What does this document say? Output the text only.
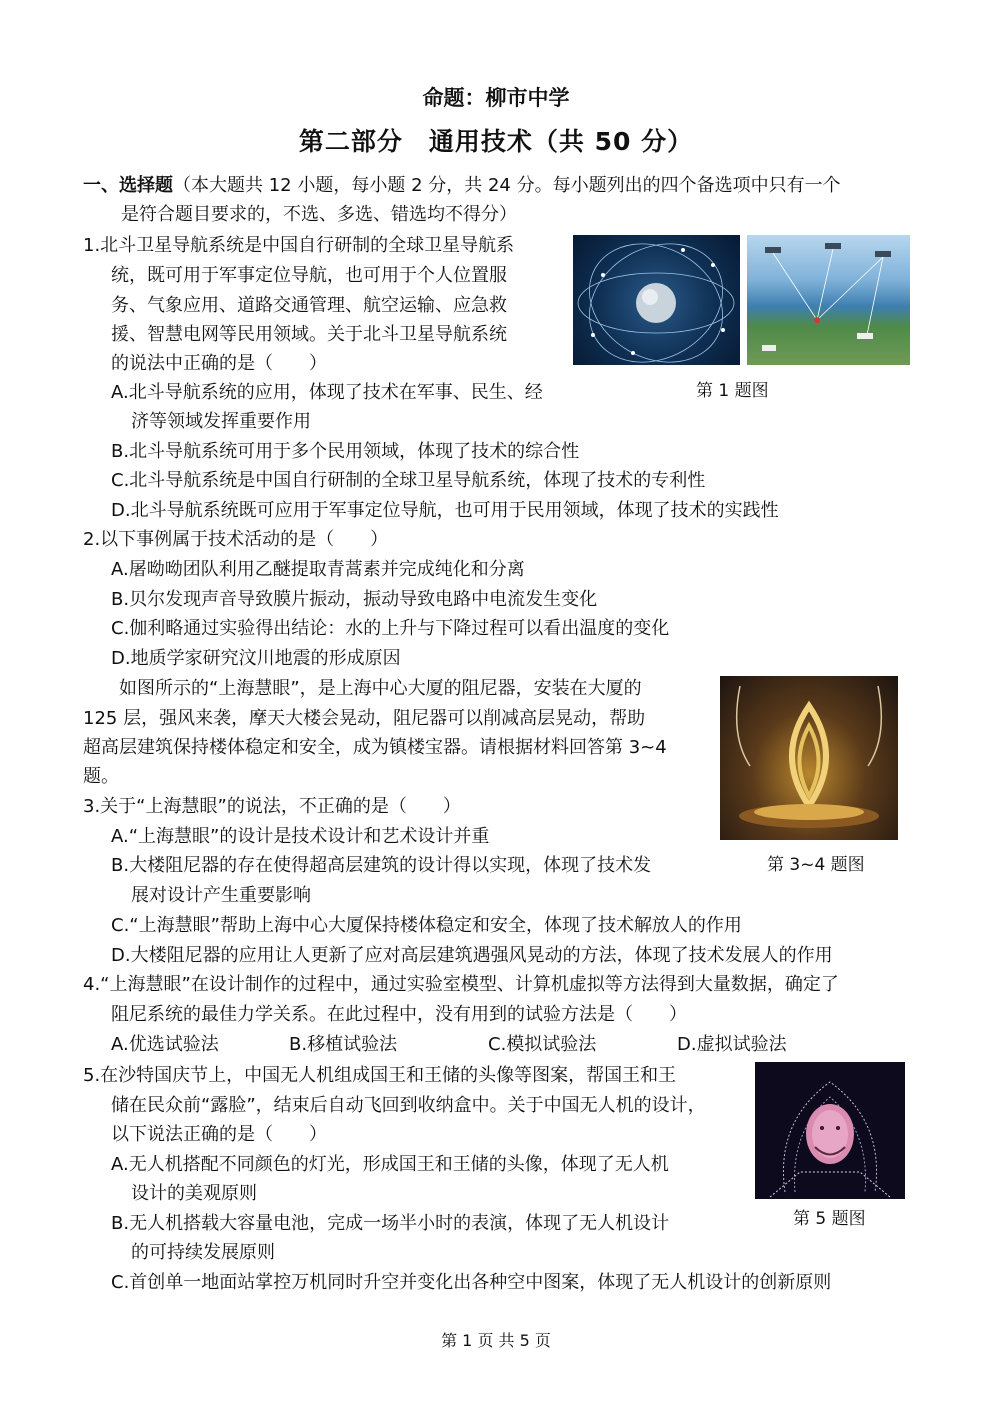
命题：柳市中学
第二部分　通用技术（共 50 分）
一、选择题（本大题共 12 小题，每小题 2 分，共 24 分。每小题列出的四个备选项中只有一个
是符合题目要求的，不选、多选、错选均不得分）
1.北斗卫星导航系统是中国自行研制的全球卫星导航系
统，既可用于军事定位导航，也可用于个人位置服
务、气象应用、道路交通管理、航空运输、应急救
援、智慧电网等民用领域。关于北斗卫星导航系统
的说法中正确的是（　　）
第 1 题图
A.北斗导航系统的应用，体现了技术在军事、民生、经
济等领域发挥重要作用
B.北斗导航系统可用于多个民用领域，体现了技术的综合性
C.北斗导航系统是中国自行研制的全球卫星导航系统，体现了技术的专利性
D.北斗导航系统既可应用于军事定位导航，也可用于民用领域，体现了技术的实践性
2.以下事例属于技术活动的是（　　）
A.屠呦呦团队利用乙醚提取青蒿素并完成纯化和分离
B.贝尔发现声音导致膜片振动，振动导致电路中电流发生变化
C.伽利略通过实验得出结论：水的上升与下降过程可以看出温度的变化
D.地质学家研究汶川地震的形成原因
　如图所示的“上海慧眼”，是上海中心大厦的阻尼器，安装在大厦的
125 层，强风来袭，摩天大楼会晃动，阻尼器可以削减高层晃动，帮助
超高层建筑保持楼体稳定和安全，成为镇楼宝器。请根据材料回答第 3~4
题。
第 3~4 题图
3.关于“上海慧眼”的说法，不正确的是（　　）
A.“上海慧眼”的设计是技术设计和艺术设计并重
B.大楼阻尼器的存在使得超高层建筑的设计得以实现，体现了技术发
展对设计产生重要影响
C.“上海慧眼”帮助上海中心大厦保持楼体稳定和安全，体现了技术解放人的作用
D.大楼阻尼器的应用让人更新了应对高层建筑遇强风晃动的方法，体现了技术发展人的作用
4.“上海慧眼”在设计制作的过程中，通过实验室模型、计算机虚拟等方法得到大量数据，确定了
阻尼系统的最佳力学关系。在此过程中，没有用到的试验方法是（　　）
A.优选试验法	B.移植试验法	C.模拟试验法	D.虚拟试验法
5.在沙特国庆节上，中国无人机组成国王和王储的头像等图案，帮国王和王
储在民众前“露脸”，结束后自动飞回到收纳盒中。关于中国无人机的设计，
以下说法正确的是（　　）
第 5 题图
A.无人机搭配不同颜色的灯光，形成国王和王储的头像，体现了无人机
设计的美观原则
B.无人机搭载大容量电池，完成一场半小时的表演，体现了无人机设计
的可持续发展原则
C.首创单一地面站掌控万机同时升空并变化出各种空中图案，体现了无人机设计的创新原则
第 1 页 共 5 页
